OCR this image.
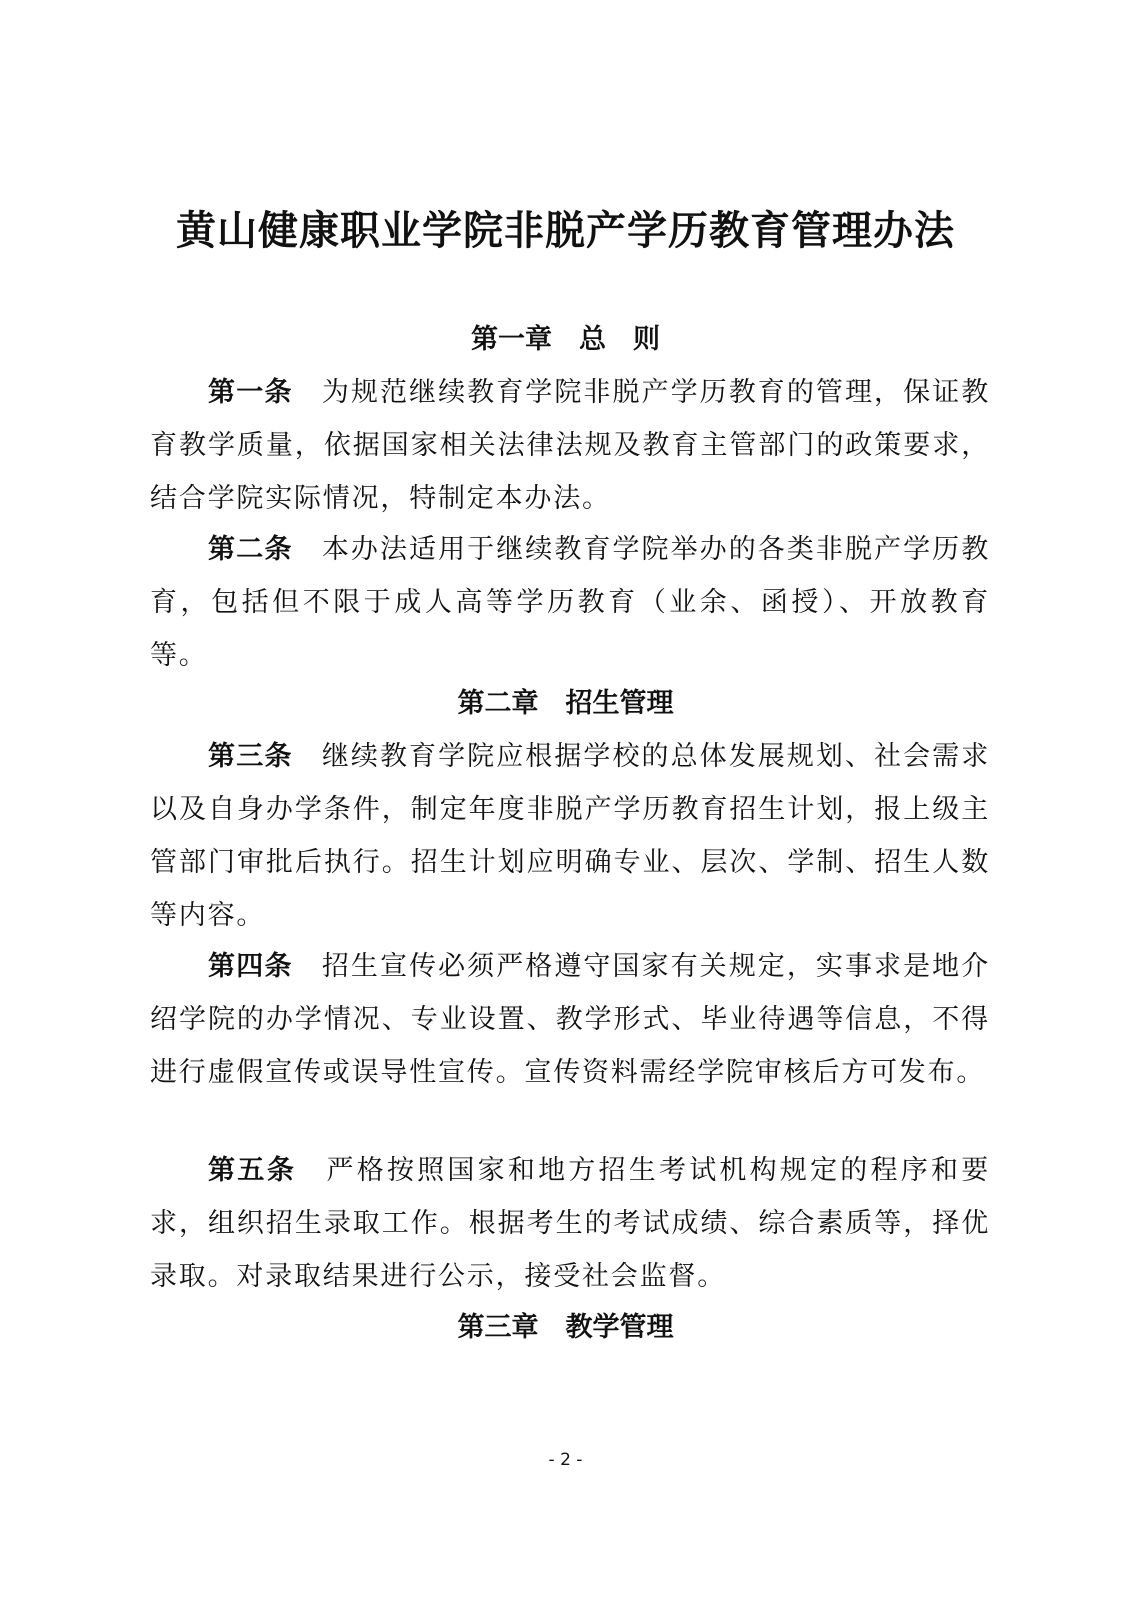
黄山健康职业学院非脱产学历教育管理办法
第一章　总　则
第一条　 为规范继续教育学院非脱产学历教育的管理，保证教育教学质量，依据国家相关法律法规及教育主管部门的政策要求，结合学院实际情况，特制定本办法。
第二条　 本办法适用于继续教育学院举办的各类非脱产学历教育，包括但不限于成人高等学历教育（业余、函授）、开放教育等。
第二章　招生管理
第三条　 继续教育学院应根据学校的总体发展规划、社会需求以及自身办学条件，制定年度非脱产学历教育招生计划，报上级主管部门审批后执行。招生计划应明确专业、层次、学制、招生人数等内容。
第四条　 招生宣传必须严格遵守国家有关规定，实事求是地介绍学院的办学情况、专业设置、教学形式、毕业待遇等信息，不得进行虚假宣传或误导性宣传。宣传资料需经学院审核后方可发布。
第五条　 严格按照国家和地方招生考试机构规定的程序和要求，组织招生录取工作。根据考生的考试成绩、综合素质等，择优录取。对录取结果进行公示，接受社会监督。
第三章　教学管理
- 2 -
